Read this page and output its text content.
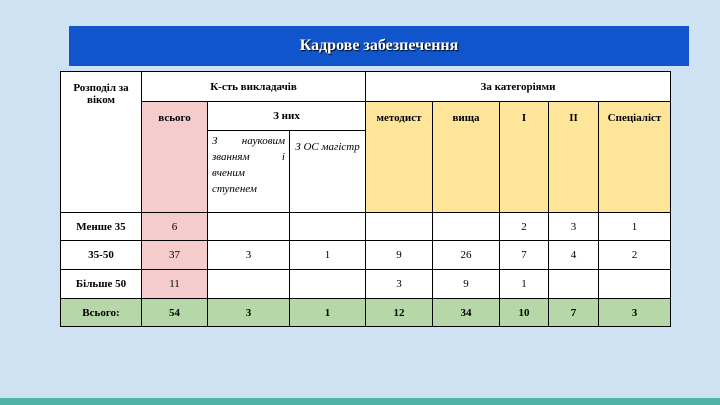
Кадрове забезпечення
Розподіл за віком	К-сть викладачів			За категоріями				
	всього	З них		методист	вища	І	ІІ	Спеціаліст
		З науковим званням і вченим ступенем	З ОС магістр					
Менше 35	6					2	3	1
35-50	37	3	1	9	26	7	4	2
Більше 50	11			3	9	1		
Всього:	54	3	1	12	34	10	7	3
